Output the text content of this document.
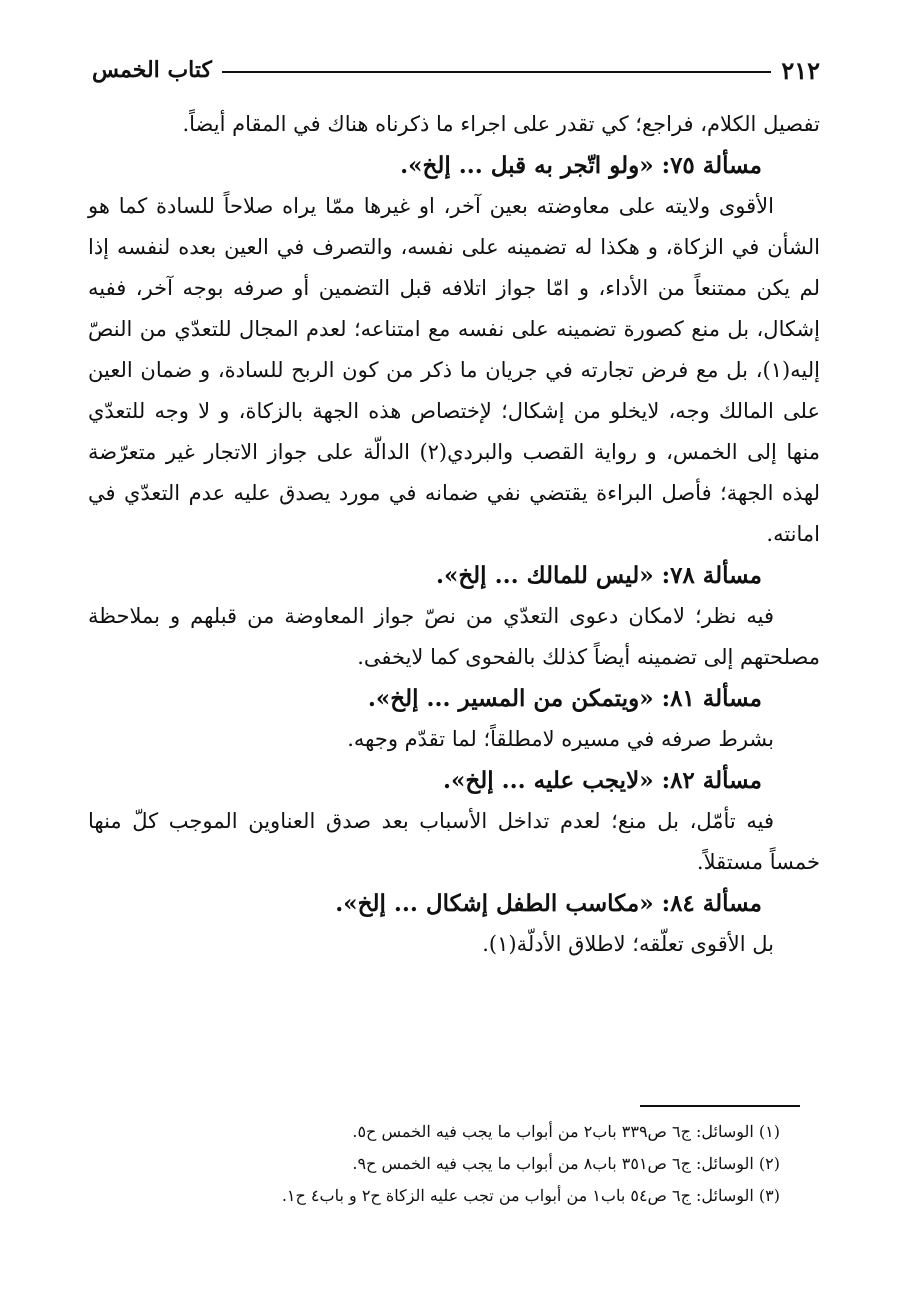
٢١٢
كتاب الخمس

تفصيل الكلام، فراجع؛ كي تقدر على اجراء ما ذكرناه هناك في المقام أيضاً.

مسألة ٧٥: «ولو اتّجر به قبل ... إلخ».

الأقوى ولايته على معاوضته بعين آخر، او غيرها ممّا يراه صلاحاً للسادة كما هو الشأن في الزكاة، و هكذا له تضمينه على نفسه، والتصرف في العين بعده لنفسه إذا لم يكن ممتنعاً من الأداء، و امّا جواز اتلافه قبل التضمين أو صرفه بوجه آخر، ففيه إشكال، بل منع كصورة تضمينه على نفسه مع امتناعه؛ لعدم المجال للتعدّي من النصّ إليه(١)، بل مع فرض تجارته في جريان ما ذكر من كون الربح للسادة، و ضمان العين على المالك وجه، لايخلو من إشكال؛ لإختصاص هذه الجهة بالزكاة، و لا وجه للتعدّي منها إلى الخمس، و رواية القصب والبردي(٢) الدالّة على جواز الاتجار غير متعرّضة لهذه الجهة؛ فأصل البراءة يقتضي نفي ضمانه في مورد يصدق عليه عدم التعدّي في امانته.

مسألة ٧٨: «ليس للمالك ... إلخ».

فيه نظر؛ لامكان دعوى التعدّي من نصّ جواز المعاوضة من قبلهم و بملاحظة مصلحتهم إلى تضمينه أيضاً كذلك بالفحوى كما لايخفى.

مسألة ٨١: «ويتمكن من المسير ... إلخ».

بشرط صرفه في مسيره لامطلقاً؛ لما تقدّم وجهه.

مسألة ٨٢: «لايجب عليه ... إلخ».

فيه تأمّل، بل منع؛ لعدم تداخل الأسباب بعد صدق العناوين الموجب كلّ منها خمساً مستقلاً.

مسألة ٨٤: «مكاسب الطفل إشكال ... إلخ».

بل الأقوى تعلّقه؛ لاطلاق الأدلّة(١).

(١) الوسائل: ج٦ ص٣٣٩ باب٢ من أبواب ما يجب فيه الخمس ح٥.

(٢) الوسائل: ج٦ ص٣٥١ باب٨ من أبواب ما يجب فيه الخمس ح٩.

(٣) الوسائل: ج٦ ص٥٤ باب١ من أبواب من تجب عليه الزكاة ح٢ و باب٤ ح١.
